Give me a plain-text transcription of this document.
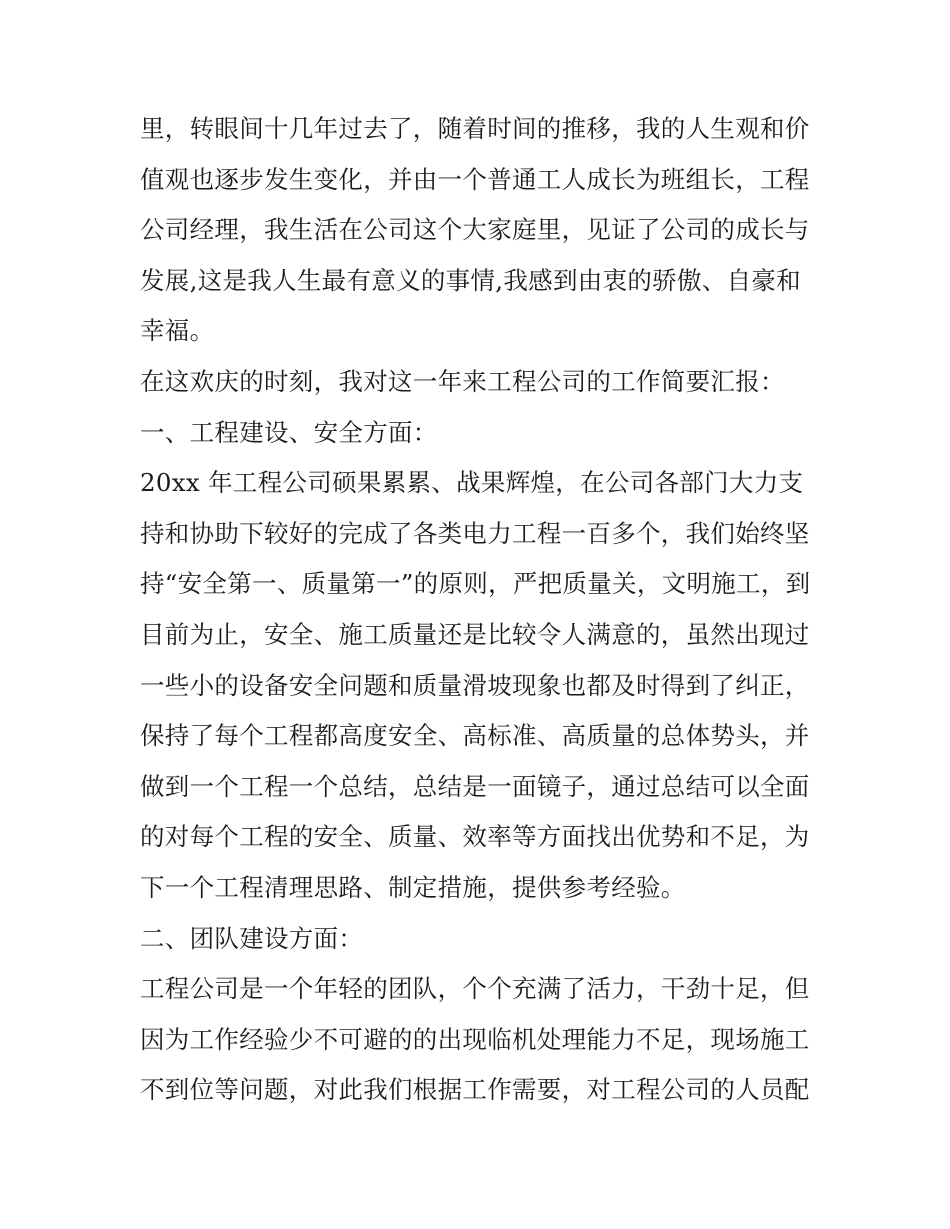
里，转眼间十几年过去了，随着时间的推移，我的人生观和价
值观也逐步发生变化，并由一个普通工人成长为班组长，工程
公司经理，我生活在公司这个大家庭里，见证了公司的成长与
发展,这是我人生最有意义的事情,我感到由衷的骄傲、自豪和
幸福。
在这欢庆的时刻，我对这一年来工程公司的工作简要汇报：
一、工程建设、安全方面：
20xx 年工程公司硕果累累、战果辉煌，在公司各部门大力支
持和协助下较好的完成了各类电力工程一百多个，我们始终坚
持“安全第一、质量第一”的原则，严把质量关，文明施工，到
目前为止，安全、施工质量还是比较令人满意的，虽然出现过
一些小的设备安全问题和质量滑坡现象也都及时得到了纠正，
保持了每个工程都高度安全、高标准、高质量的总体势头，并
做到一个工程一个总结，总结是一面镜子，通过总结可以全面
的对每个工程的安全、质量、效率等方面找出优势和不足，为
下一个工程清理思路、制定措施，提供参考经验。
二、团队建设方面：
工程公司是一个年轻的团队，个个充满了活力，干劲十足，但
因为工作经验少不可避的的出现临机处理能力不足，现场施工
不到位等问题，对此我们根据工作需要，对工程公司的人员配
